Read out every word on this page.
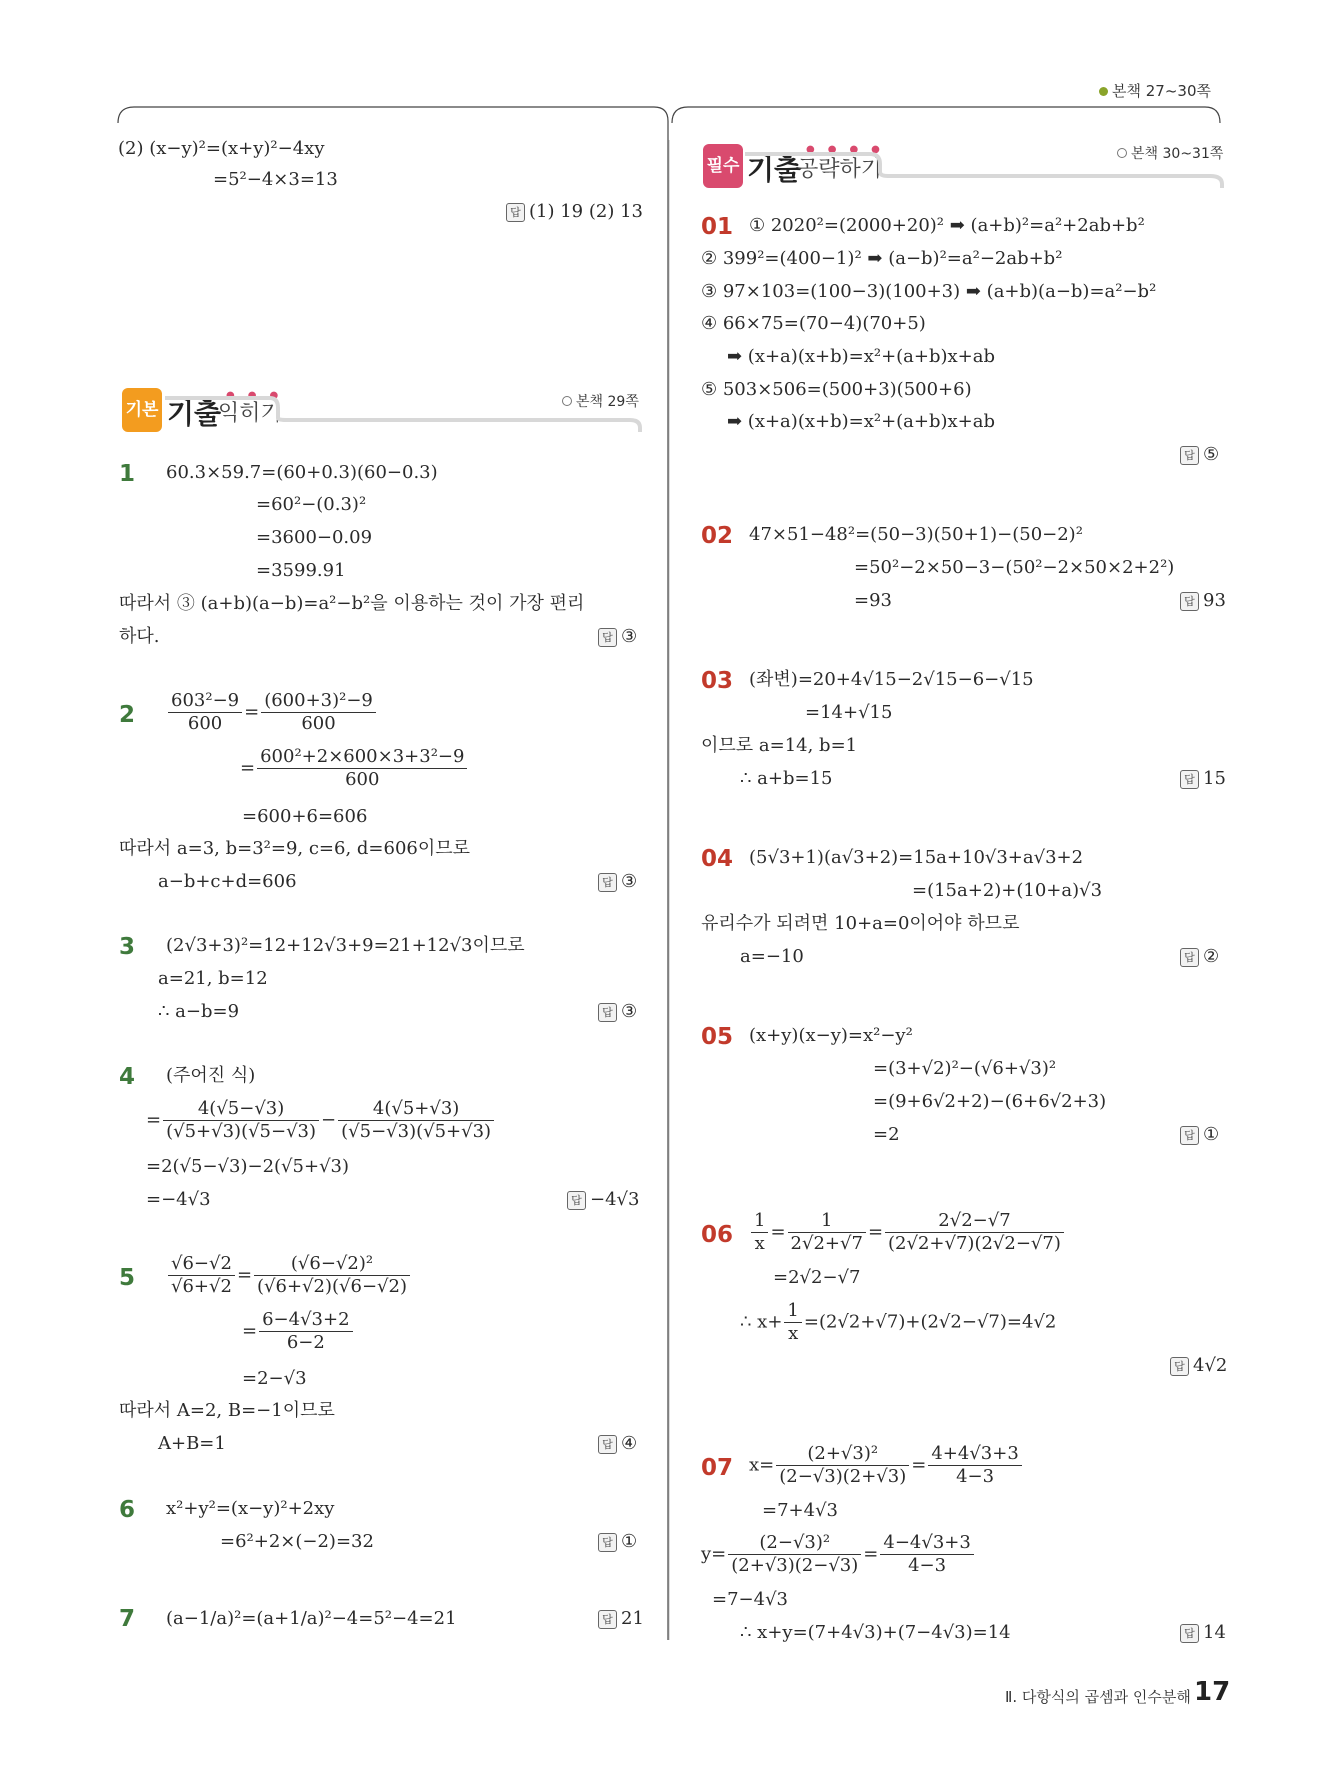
본책 27~30쪽
(2) (x−y)²=(x+y)²−4xy
=5²−4×3=13
답 (1) 19 (2) 13
기본 기출
익히기
●●●	본책 29쪽
1 60.3×59.7=(60+0.3)(60−0.3)
=60²−(0.3)²
=3600−0.09
=3599.91
따라서 ③ (a+b)(a−b)=a²−b²을 이용하는 것이 가장 편리
하다.	답 ③
$2 \frac{\text{603²−9}}{600} = \frac{\text{(600+3)²−9}}{600}$
= $\frac{\text{600²+2×600×3+3²−9}}{600}$
=600+6=606
따라서 a=3, b=3²=9, c=6, d=606이므로
a−b+c+d=606	답 ③
3 (2√3+3)²=12+12√3+9=21+12√3이므로
a=21, b=12
∴ a−b=9	답 ③
4 (주어진 식)
= $\frac{4(√5-√3)}{(√5+√3)(√5-√3)} - \frac{4(√5+√3)}{(√5-√3)(√5+√3)}$
=2(√5−√3)−2(√5+√3)
=−4√3	답 −4√3
$5 \frac{√6-√2}{√6+√2} = \frac{\text{(√6−√2)²}}{(√6+√2)(√6-√2)}$
= $\frac{6-4√3+2}{6-2}$
=2−√3
따라서 A=2, B=−1이므로
A+B=1	답 ④
6 x²+y²=(x−y)²+2xy
=6²+2×(−2)=32	답 ①
7 (a−1/a)²=(a+1/a)²−4=5²−4=21	답 21
필수 기출
공략하기
●●●●	본책 30~31쪽
01 ① 2020²=(2000+20)² ➡ (a+b)²=a²+2ab+b²
② 399²=(400−1)² ➡ (a−b)²=a²−2ab+b²
③ 97×103=(100−3)(100+3) ➡ (a+b)(a−b)=a²−b²
④ 66×75=(70−4)(70+5)
➡ (x+a)(x+b)=x²+(a+b)x+ab
⑤ 503×506=(500+3)(500+6)
➡ (x+a)(x+b)=x²+(a+b)x+ab
답 ⑤
02 47×51−48²=(50−3)(50+1)−(50−2)²
=50²−2×50−3−(50²−2×50×2+2²)
=93	답 93
03 (좌변)=20+4√15−2√15−6−√15
=14+√15
이므로 a=14, b=1
∴ a+b=15	답 15
04 (5√3+1)(a√3+2)=15a+10√3+a√3+2
=(15a+2)+(10+a)√3
유리수가 되려면 10+a=0이어야 하므로
a=−10	답 ②
05 (x+y)(x−y)=x²−y²
=(3+√2)²−(√6+√3)²
=(9+6√2+2)−(6+6√2+3)
=2	답 ①
$06 \frac{1}{x} = \frac{1}{2√2+√7} = \frac{2√2-√7}{(2√2+√7)(2√2-√7)}$
=2√2−√7
∴ $x+ \frac{1}{x} =(2√2+√7)+(2√2-√7)=4√2$
답 4√2
07 $x= \frac{\text{(2+√3)²}}{(2-√3)(2+√3)} = \frac{4+4√3+3}{4-3}$
=7+4√3
$y= \frac{\text{(2−√3)²}}{(2+√3)(2-√3)} = \frac{4-4√3+3}{4-3}$
=7−4√3
∴ x+y=(7+4√3)+(7−4√3)=14	답 14
Ⅱ. 다항식의 곱셈과 인수분해 17
